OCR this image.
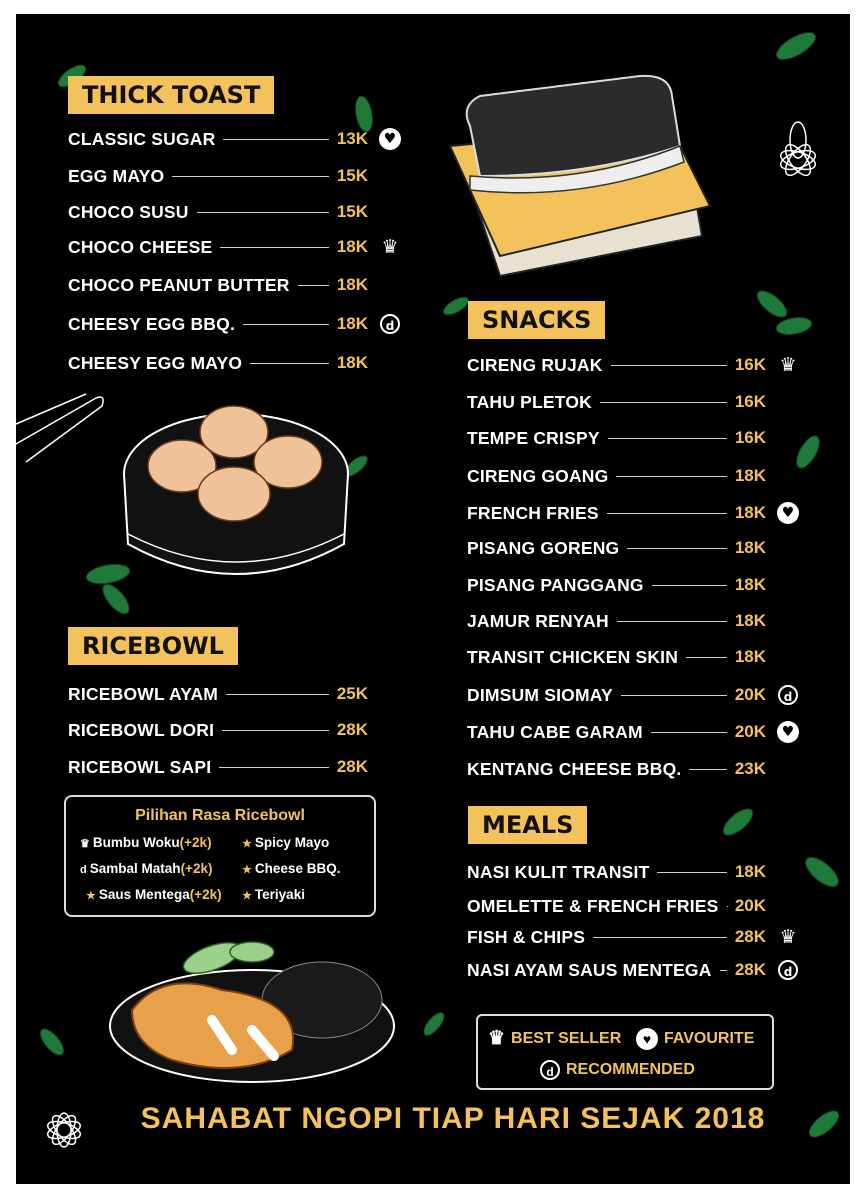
THICK TOAST
CLASSIC SUGAR	13K	♥
EGG MAYO	15K
CHOCO SUSU	15K
CHOCO CHEESE	18K ♛
CHOCO PEANUT BUTTER	18K
CHEESY EGG BBQ.	18K	d
CHEESY EGG MAYO	18K
RICEBOWL
RICEBOWL AYAM	25K
RICEBOWL DORI	28K
RICEBOWL SAPI	28K
Pilihan Rasa Ricebowl
♛ Bumbu Woku(+2k)	★ Spicy Mayo
d Sambal Matah(+2k)	★ Cheese BBQ.
★ Saus Mentega(+2k) ★ Teriyaki
SNACKS
CIRENG RUJAK	16K ♛
TAHU PLETOK	16K
TEMPE CRISPY	16K
CIRENG GOANG	18K
FRENCH FRIES	18K	♥
PISANG GORENG	18K
PISANG PANGGANG	18K
JAMUR RENYAH	18K
TRANSIT CHICKEN SKIN	18K
DIMSUM SIOMAY	20K	d
TAHU CABE GARAM	20K	♥
KENTANG CHEESE BBQ.	23K
MEALS
NASI KULIT TRANSIT	18K
OMELETTE & FRENCH FRIES 20K
FISH & CHIPS	28K ♛
NASI AYAM SAUS MENTEGA 28K	d
♛ BEST SELLER	♥ FAVOURITE
d RECOMMENDED
SAHABAT NGOPI TIAP HARI SEJAK 2018
